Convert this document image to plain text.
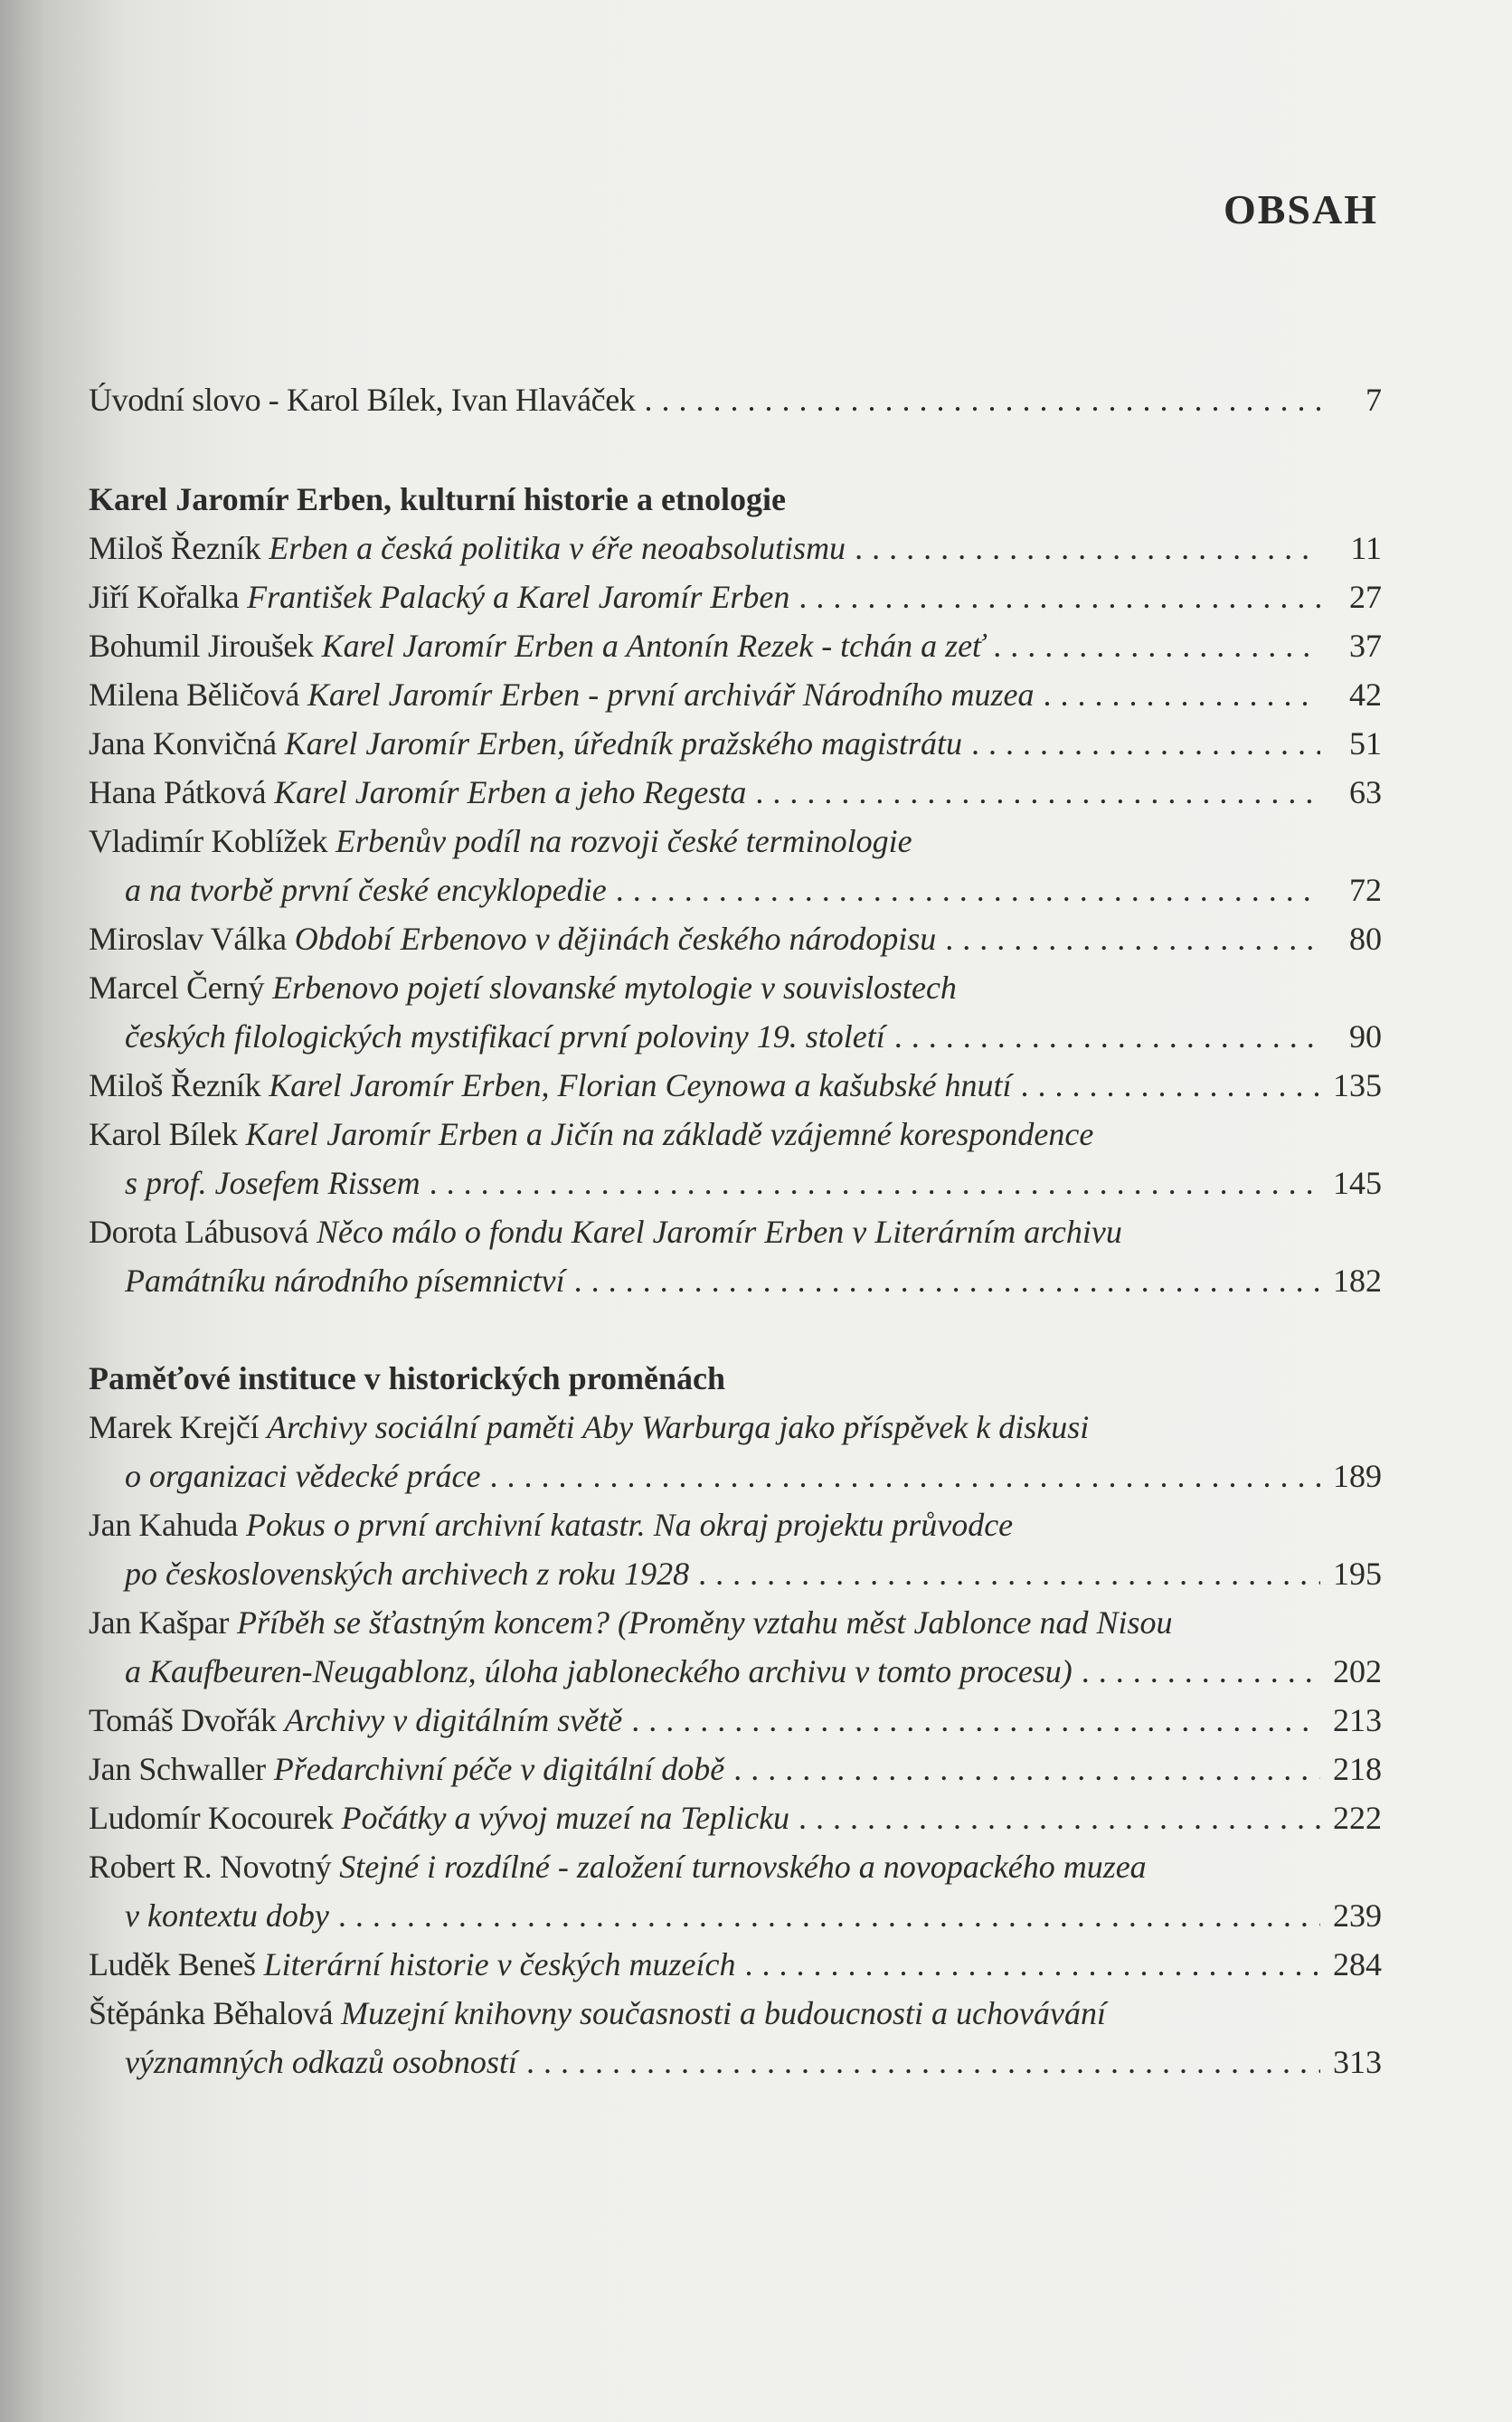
OBSAH
Úvodní slovo - Karol Bílek, Ivan Hlaváček . . .	7
Karel Jaromír Erben, kulturní historie a etnologie
Miloš Řezník Erben a česká politika v éře neoabsolutismu . . .	11
Jiří Kořalka František Palacký a Karel Jaromír Erben . . .	27
Bohumil Jiroušek Karel Jaromír Erben a Antonín Rezek - tchán a zeť . . .	37
Milena Běličová Karel Jaromír Erben - první archivář Národního muzea . . .	42
Jana Konvičná Karel Jaromír Erben, úředník pražského magistrátu . . .	51
Hana Pátková Karel Jaromír Erben a jeho Regesta . . .	63
Vladimír Koblížek Erbenův podíl na rozvoji české terminologie
a na tvorbě první české encyklopedie . . .	72
Miroslav Válka Období Erbenovo v dějinách českého národopisu . . .	80
Marcel Černý Erbenovo pojetí slovanské mytologie v souvislostech
českých filologických mystifikací první poloviny 19. století . . .	90
Miloš Řezník Karel Jaromír Erben, Florian Ceynowa a kašubské hnutí . . .	135
Karol Bílek Karel Jaromír Erben a Jičín na základě vzájemné korespondence
s prof. Josefem Rissem . . .	145
Dorota Lábusová Něco málo o fondu Karel Jaromír Erben v Literárním archivu
Památníku národního písemnictví . . .	182
Paměťové instituce v historických proměnách
Marek Krejčí Archivy sociální paměti Aby Warburga jako příspěvek k diskusi
o organizaci vědecké práce . . .	189
Jan Kahuda Pokus o první archivní katastr. Na okraj projektu průvodce
po československých archivech z roku 1928 . . .	195
Jan Kašpar Příběh se šťastným koncem? (Proměny vztahu měst Jablonce nad Nisou
a Kaufbeuren-Neugablonz, úloha jabloneckého archivu v tomto procesu) . . .	202
Tomáš Dvořák Archivy v digitálním světě . . .	213
Jan Schwaller Předarchivní péče v digitální době . . .	218
Ludomír Kocourek Počátky a vývoj muzeí na Teplicku . . .	222
Robert R. Novotný Stejné i rozdílné - založení turnovského a novopackého muzea
v kontextu doby . . .	239
Luděk Beneš Literární historie v českých muzeích . . .	284
Štěpánka Běhalová Muzejní knihovny současnosti a budoucnosti a uchovávání
významných odkazů osobností . . .	313
